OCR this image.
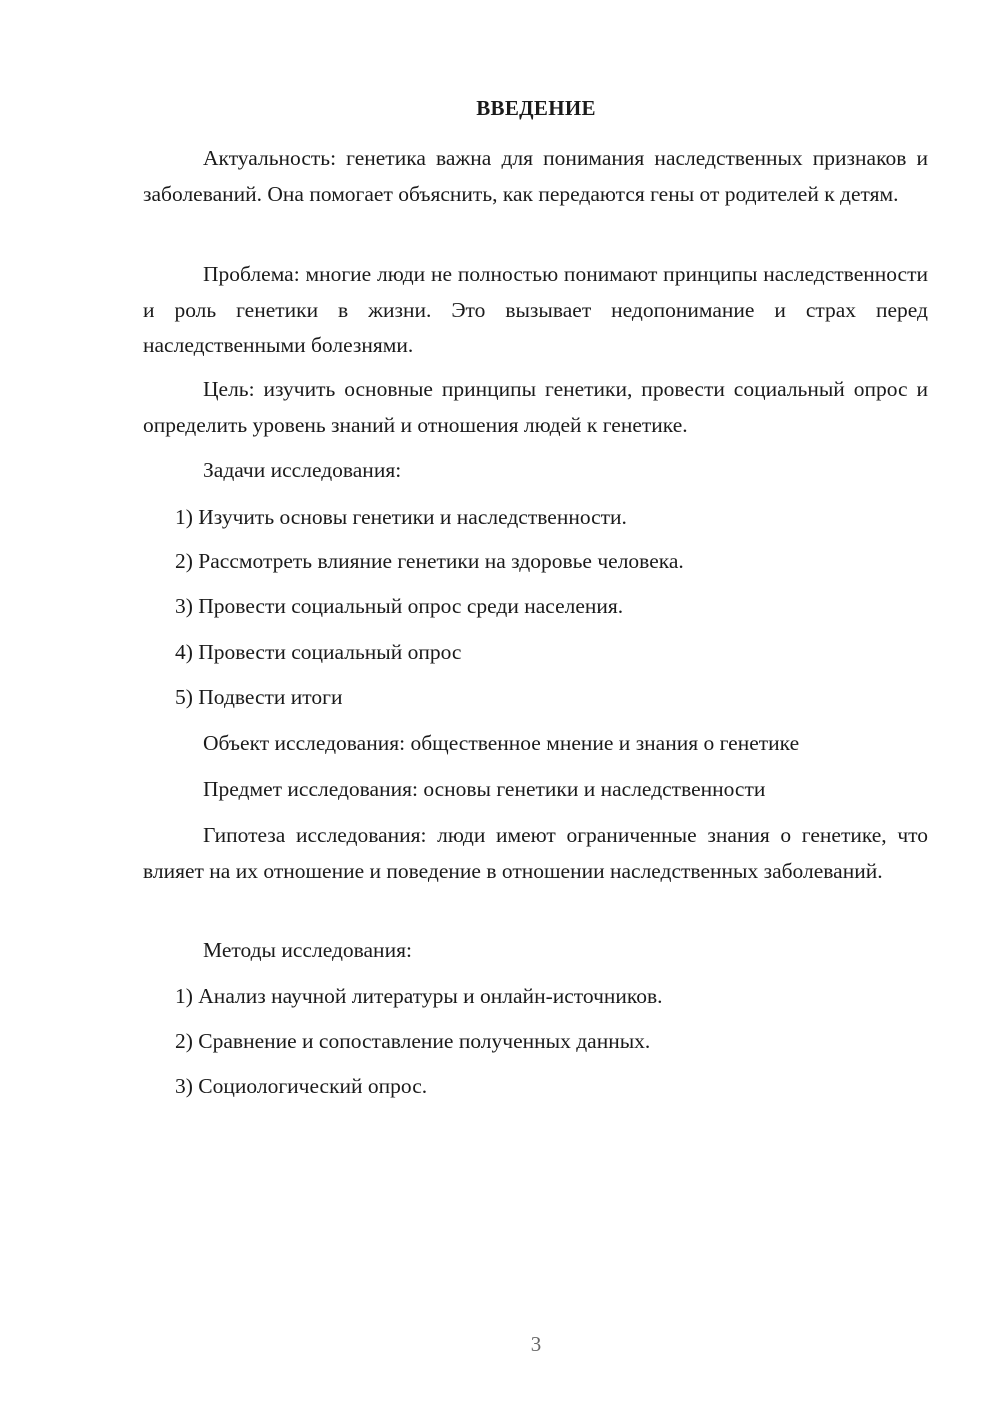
ВВЕДЕНИЕ
Актуальность: генетика важна для понимания наследственных признаков и заболеваний. Она помогает объяснить, как передаются гены от родителей к детям.
Проблема: многие люди не полностью понимают принципы наследственности и роль генетики в жизни. Это вызывает недопонимание и страх перед наследственными болезнями.
Цель: изучить основные принципы генетики, провести социальный опрос и определить уровень знаний и отношения людей к генетике.
Задачи исследования:
1) Изучить основы генетики и наследственности.
2) Рассмотреть влияние генетики на здоровье человека.
3) Провести социальный опрос среди населения.
4) Провести социальный опрос
5) Подвести итоги
Объект исследования: общественное мнение и знания о генетике
Предмет исследования: основы генетики и наследственности
Гипотеза исследования: люди имеют ограниченные знания о генетике, что влияет на их отношение и поведение в отношении наследственных заболеваний.
Методы исследования:
1) Анализ научной литературы и онлайн-источников.
2) Сравнение и сопоставление полученных данных.
3) Социологический опрос.
3
